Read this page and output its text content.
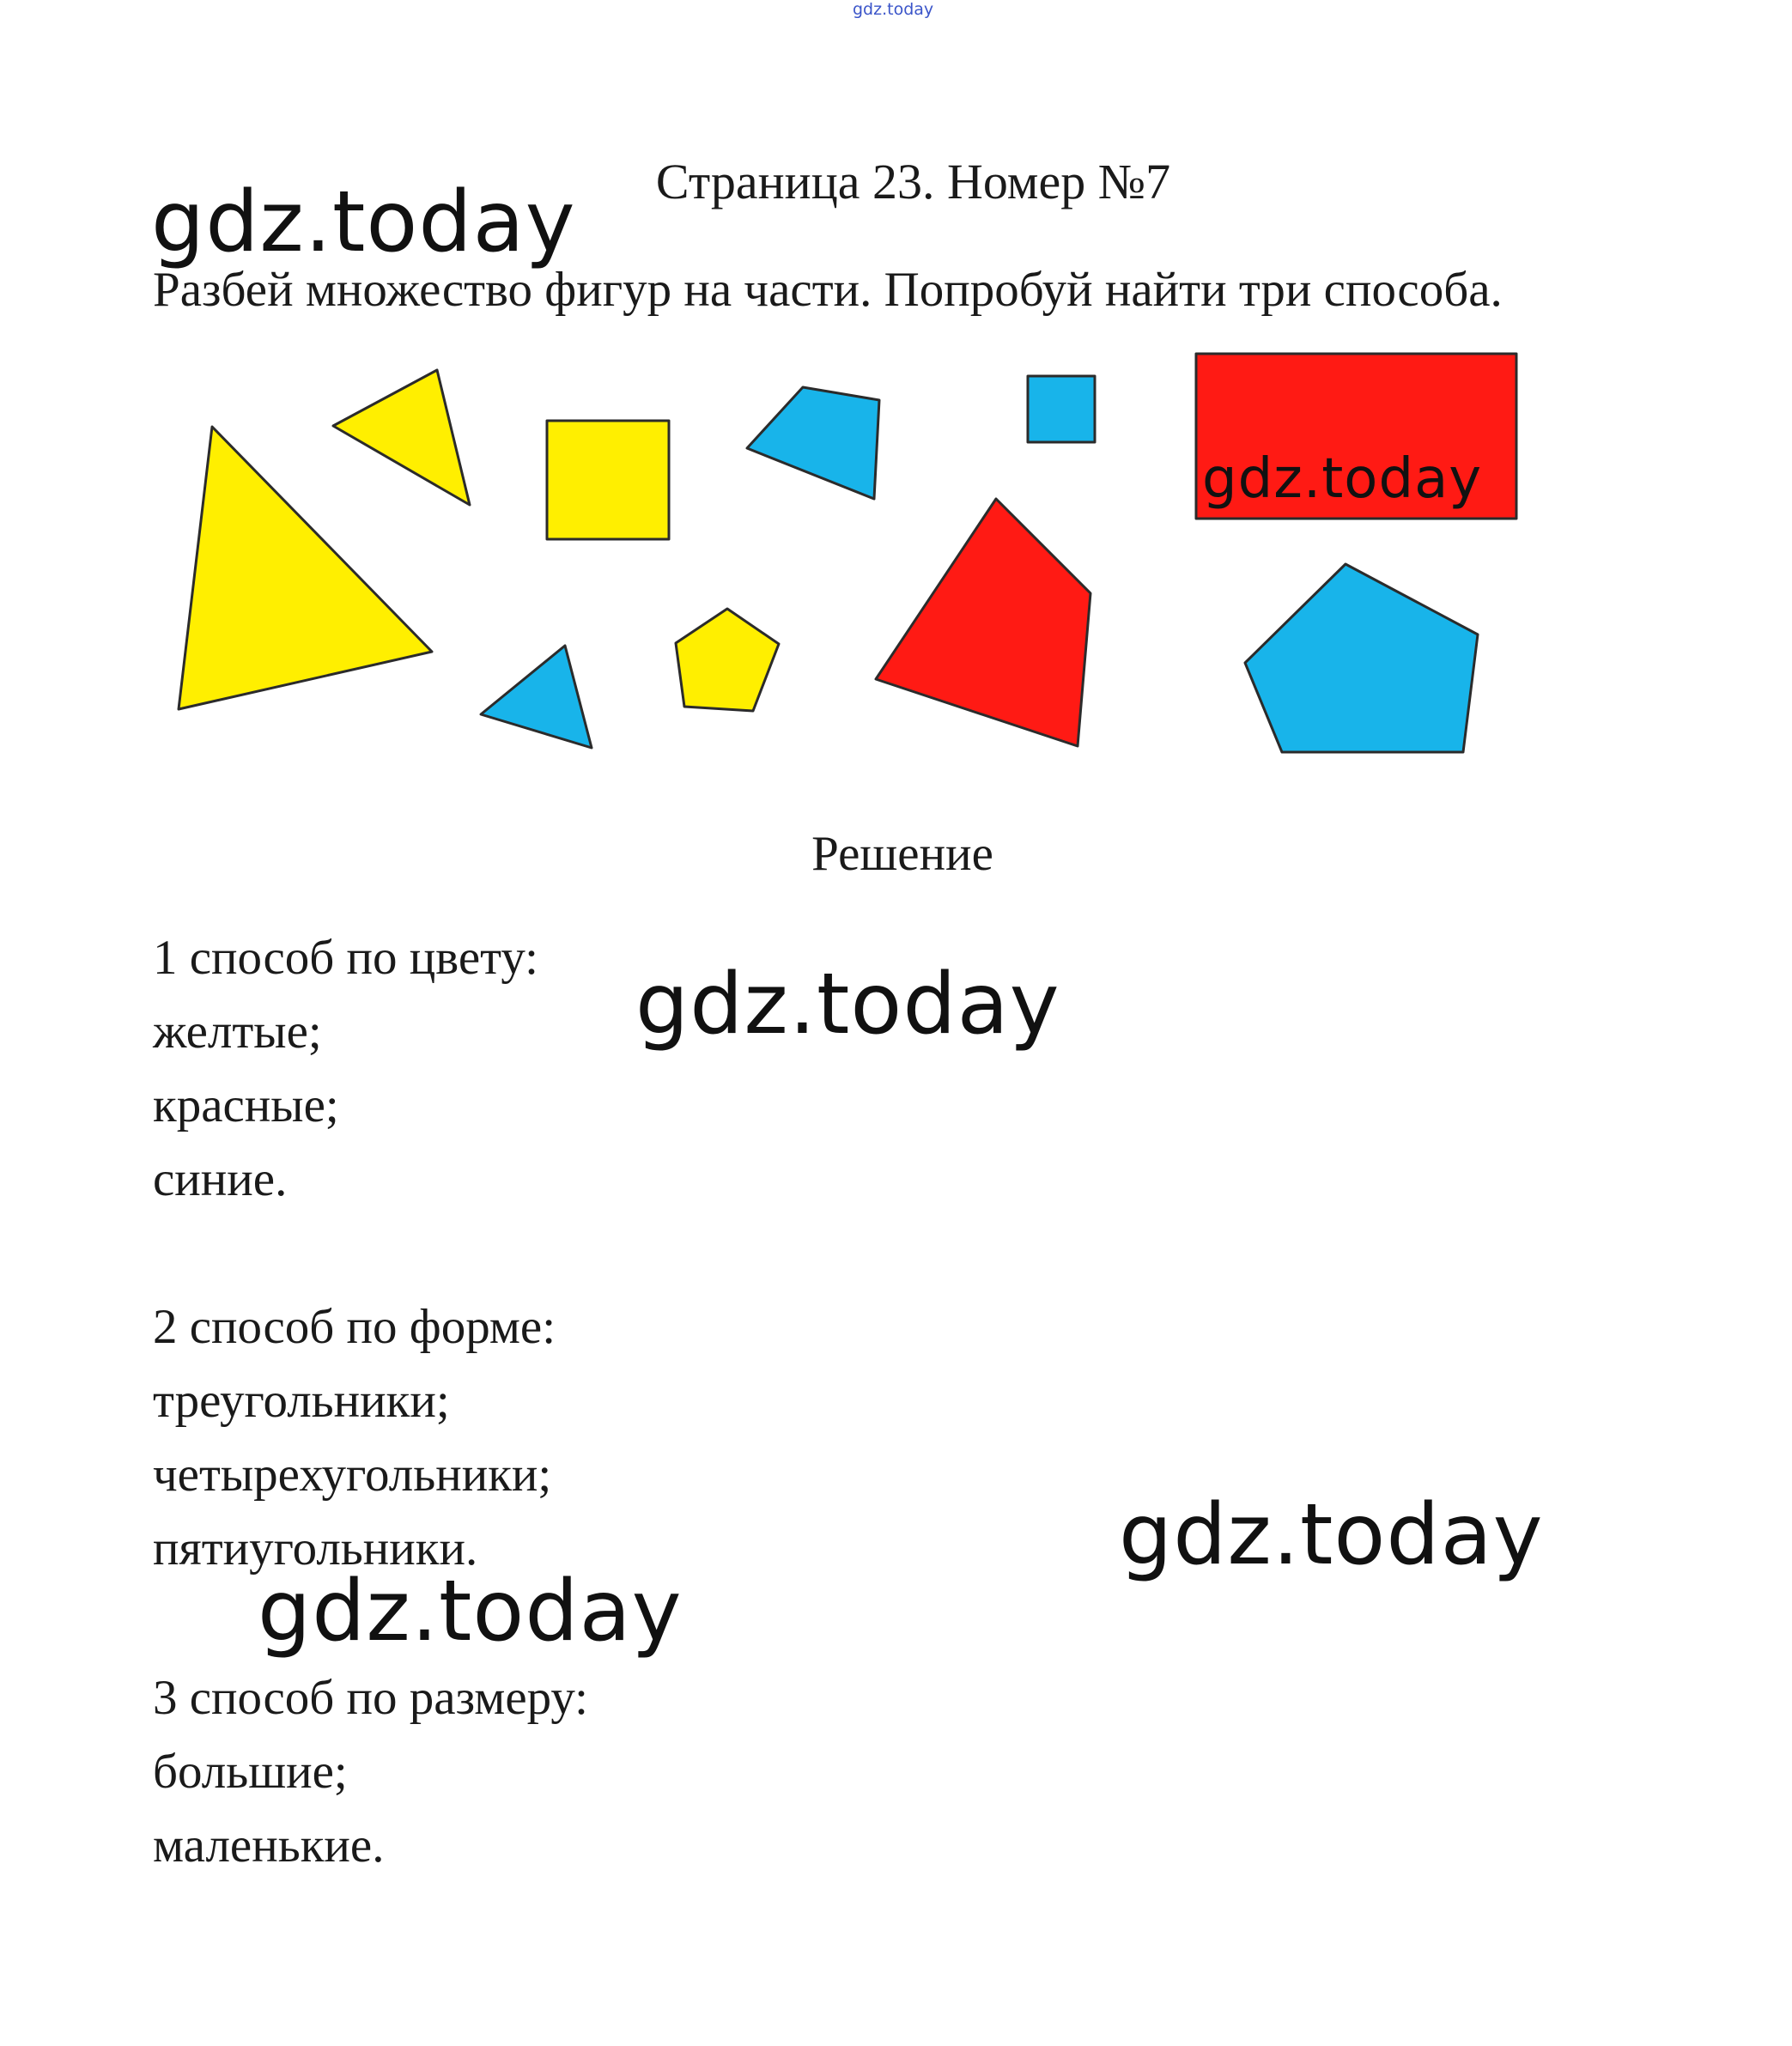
gdz.today
Страница 23. Номер №7
gdz.today
Разбей множество фигур на части. Попробуй найти три способа.
gdz.today
Решение
1 способ по цвету:
желтые;
красные;
синие.
gdz.today
2 способ по форме:
треугольники;
четырехугольники;
пятиугольники.	gdz.today
gdz.today
3 способ по размеру:
большие;
маленькие.
